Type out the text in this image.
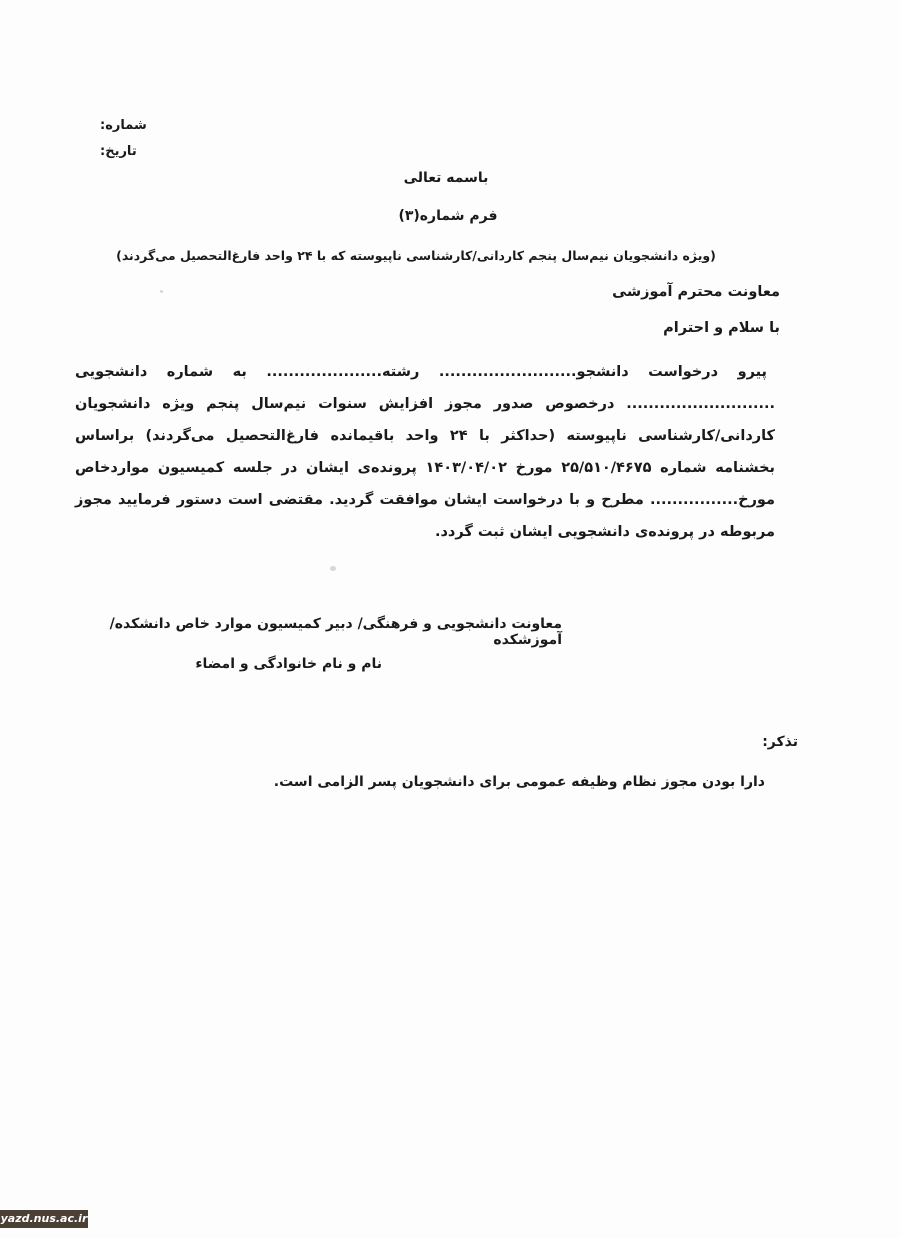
شماره:
تاریخ:
باسمه تعالی
فرم شماره(۳)
(ویژه دانشجویان نیم‌سال پنجم کاردانی/کارشناسی ناپیوسته که با ۲۴ واحد فارغ‌التحصیل می‌گردند)
معاونت محترم آموزشی
با سلام و احترام
پیرو درخواست دانشجو......................... رشته..................... به شماره دانشجویی ........................... درخصوص صدور مجوز افزایش سنوات نیم‌سال پنجم ویژه دانشجویان کاردانی/کارشناسی ناپیوسته (حداکثر با ۲۴ واحد باقیمانده فارغ‌التحصیل می‌گردند) براساس بخشنامه شماره ۲۵/۵۱۰/۴۶۷۵ مورخ ۱۴۰۳/۰۴/۰۲ پرونده‌ی ایشان در جلسه کمیسیون مواردخاص مورخ................ مطرح و با درخواست ایشان موافقت گردید. مقتضی است دستور فرمایید مجوز مربوطه در پرونده‌ی دانشجویی ایشان ثبت گردد.
معاونت دانشجویی و فرهنگی/ دبیر کمیسیون موارد خاص دانشکده/آموزشکده
نام و نام خانوادگی و امضاء
تذکر:
دارا بودن مجوز نظام وظیفه عمومی برای دانشجویان پسر الزامی است.
yazd.nus.ac.ir
